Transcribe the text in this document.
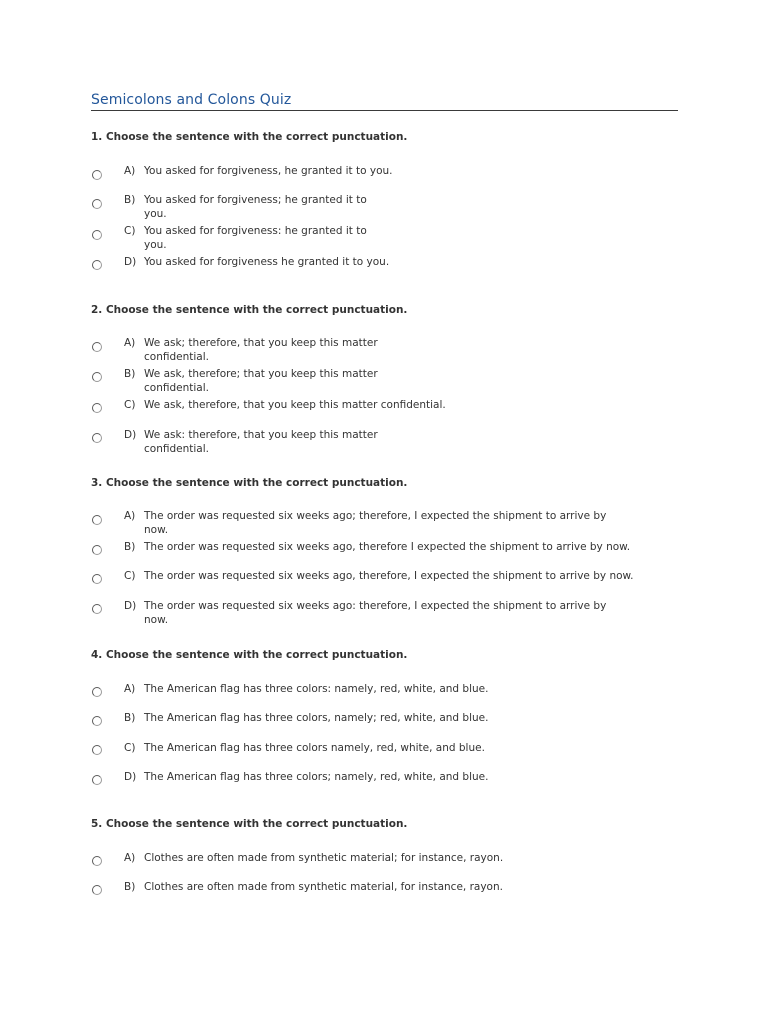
Semicolons and Colons Quiz
1. Choose the sentence with the correct punctuation.
A) You asked for forgiveness, he granted it to you.
B) You asked for forgiveness; he granted it to
you.
C) You asked for forgiveness: he granted it to
you.
D) You asked for forgiveness he granted it to you.
2. Choose the sentence with the correct punctuation.
A) We ask; therefore, that you keep this matter
confidential.
B) We ask, therefore; that you keep this matter
confidential.
C) We ask, therefore, that you keep this matter confidential.
D) We ask: therefore, that you keep this matter
confidential.
3. Choose the sentence with the correct punctuation.
A) The order was requested six weeks ago; therefore, I expected the shipment to arrive by
now.
B) The order was requested six weeks ago, therefore I expected the shipment to arrive by now.
C) The order was requested six weeks ago, therefore, I expected the shipment to arrive by now.
D) The order was requested six weeks ago: therefore, I expected the shipment to arrive by
now.
4. Choose the sentence with the correct punctuation.
A) The American flag has three colors: namely, red, white, and blue.
B) The American flag has three colors, namely; red, white, and blue.
C) The American flag has three colors namely, red, white, and blue.
D) The American flag has three colors; namely, red, white, and blue.
5. Choose the sentence with the correct punctuation.
A) Clothes are often made from synthetic material; for instance, rayon.
B) Clothes are often made from synthetic material, for instance, rayon.
